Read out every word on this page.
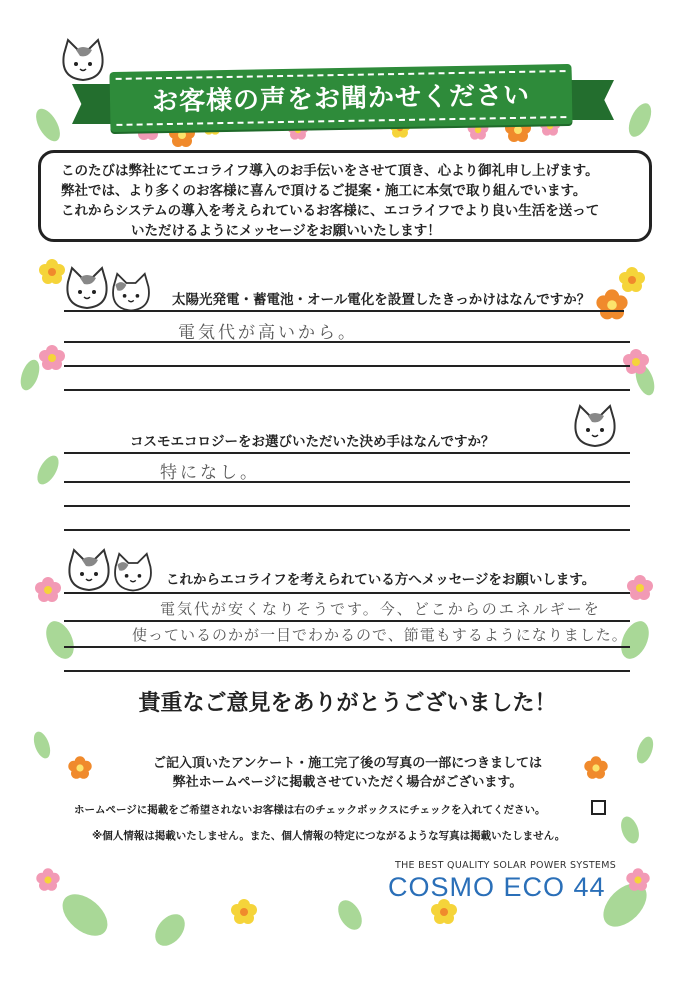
お客様の声をお聞かせください
このたびは弊社にてエコライフ導入のお手伝いをさせて頂き、心より御礼申し上げます。
弊社では、より多くのお客様に喜んで頂けるご提案・施工に本気で取り組んでいます。
これからシステムの導入を考えられているお客様に、エコライフでより良い生活を送って
いただけるようにメッセージをお願いいたします！
太陽光発電・蓄電池・オール電化を設置したきっかけはなんですか？
電気代が高いから。
コスモエコロジーをお選びいただいた決め手はなんですか？
特になし。
これからエコライフを考えられている方へメッセージをお願いします。
電気代が安くなりそうです。今、どこからのエネルギーを
使っているのかが一目でわかるので、節電もするようになりました。
貴重なご意見をありがとうございました！
ご記入頂いたアンケート・施工完了後の写真の一部につきましては
弊社ホームページに掲載させていただく場合がございます。
ホームページに掲載をご希望されないお客様は右のチェックボックスにチェックを入れてください。
※個人情報は掲載いたしません。また、個人情報の特定につながるような写真は掲載いたしません。
THE BEST QUALITY SOLAR POWER SYSTEMS
COSMO ECO 44
